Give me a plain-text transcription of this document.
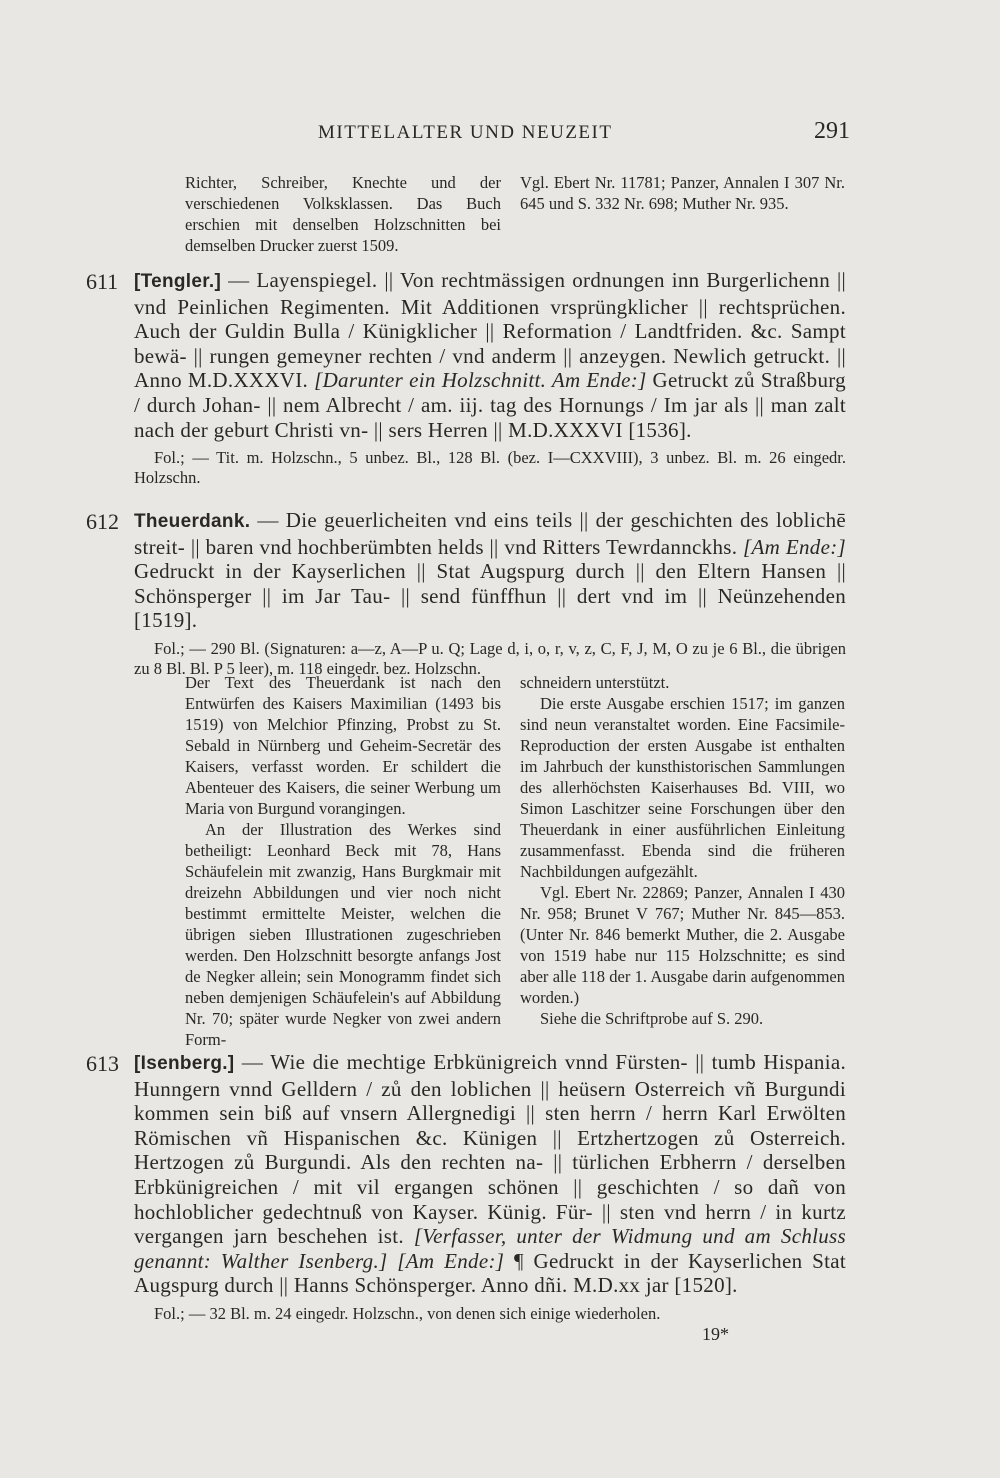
MITTELALTER UND NEUZEIT	291

Richter, Schreiber, Knechte und der verschiedenen Volksklassen. Das Buch erschien mit denselben Holzschnitten bei demselben Drucker zuerst 1509.

Vgl. Ebert Nr. 11781; Panzer, Annalen I 307 Nr. 645 und S. 332 Nr. 698; Muther Nr. 935.

611 [Tengler.] — Layenspiegel. || Von rechtmässigen ordnungen inn Burgerlichenn || vnd Peinlichen Regimenten. Mit Additionen vrsprüngklicher || rechtsprüchen. Auch der Guldin Bulla / Künigklicher || Reformation / Landtfriden. &c. Sampt bewä- || rungen gemeyner rechten / vnd anderm || anzeygen. Newlich getruckt. || Anno M.D.XXXVI. [Darunter ein Holzschnitt. Am Ende:] Getruckt zů Straßburg / durch Johan- || nem Albrecht / am. iij. tag des Hornungs / Im jar als || man zalt nach der geburt Christi vn- || sers Herren || M.D.XXXVI [1536].

Fol.; — Tit. m. Holzschn., 5 unbez. Bl., 128 Bl. (bez. I—CXXVIII), 3 unbez. Bl. m. 26 eingedr. Holzschn.

612 Theuerdank. — Die geuerlicheiten vnd eins teils || der geschichten des loblichē streit- || baren vnd hochberümbten helds || vnd Ritters Tewrdannckhs. [Am Ende:] Gedruckt in der Kayserlichen || Stat Augspurg durch || den Eltern Hansen || Schönsperger || im Jar Tau- || send fünffhun || dert vnd im || Neünzehenden [1519].

Fol.; — 290 Bl. (Signaturen: a—z, A—P u. Q; Lage d, i, o, r, v, z, C, F, J, M, O zu je 6 Bl., die übrigen zu 8 Bl. Bl. P 5 leer), m. 118 eingedr. bez. Holzschn.

Der Text des Theuerdank ist nach den Entwürfen des Kaisers Maximilian (1493 bis 1519) von Melchior Pfinzing, Probst zu St. Sebald in Nürnberg und Geheim-Secretär des Kaisers, verfasst worden. Er schildert die Abenteuer des Kaisers, die seiner Werbung um Maria von Burgund vorangingen.

An der Illustration des Werkes sind betheiligt: Leonhard Beck mit 78, Hans Schäufelein mit zwanzig, Hans Burgkmair mit dreizehn Abbildungen und vier noch nicht bestimmt ermittelte Meister, welchen die übrigen sieben Illustrationen zugeschrieben werden. Den Holzschnitt besorgte anfangs Jost de Negker allein; sein Monogramm findet sich neben demjenigen Schäufelein's auf Abbildung Nr. 70; später wurde Negker von zwei andern Form-

schneidern unterstützt.

Die erste Ausgabe erschien 1517; im ganzen sind neun veranstaltet worden. Eine Facsimile-Reproduction der ersten Ausgabe ist enthalten im Jahrbuch der kunsthistorischen Sammlungen des allerhöchsten Kaiserhauses Bd. VIII, wo Simon Laschitzer seine Forschungen über den Theuerdank in einer ausführlichen Einleitung zusammenfasst. Ebenda sind die früheren Nachbildungen aufgezählt.

Vgl. Ebert Nr. 22869; Panzer, Annalen I 430 Nr. 958; Brunet V 767; Muther Nr. 845—853. (Unter Nr. 846 bemerkt Muther, die 2. Ausgabe von 1519 habe nur 115 Holzschnitte; es sind aber alle 118 der 1. Ausgabe darin aufgenommen worden.)

Siehe die Schriftprobe auf S. 290.

613 [Isenberg.] — Wie die mechtige Erbkünigreich vnnd Fürsten- || tumb Hispania. Hunngern vnnd Gelldern / zů den loblichen || heüsern Osterreich vñ Burgundi kommen sein biß auf vnsern Allergnedigi || sten herrn / herrn Karl Erwölten Römischen vñ Hispanischen &c. Künigen || Ertzhertzogen zů Osterreich. Hertzogen zů Burgundi. Als den rechten na- || türlichen Erbherrn / derselben Erbkünigreichen / mit vil ergangen schönen || geschichten / so dañ von hochloblicher gedechtnuß von Kayser. Künig. Für- || sten vnd herrn / in kurtz vergangen jarn beschehen ist. [Verfasser, unter der Widmung und am Schluss genannt: Walther Isenberg.] [Am Ende:] ¶ Gedruckt in der Kayserlichen Stat Augspurg durch || Hanns Schönsperger. Anno dñi. M.D.xx jar [1520].

Fol.; — 32 Bl. m. 24 eingedr. Holzschn., von denen sich einige wiederholen.

19*
